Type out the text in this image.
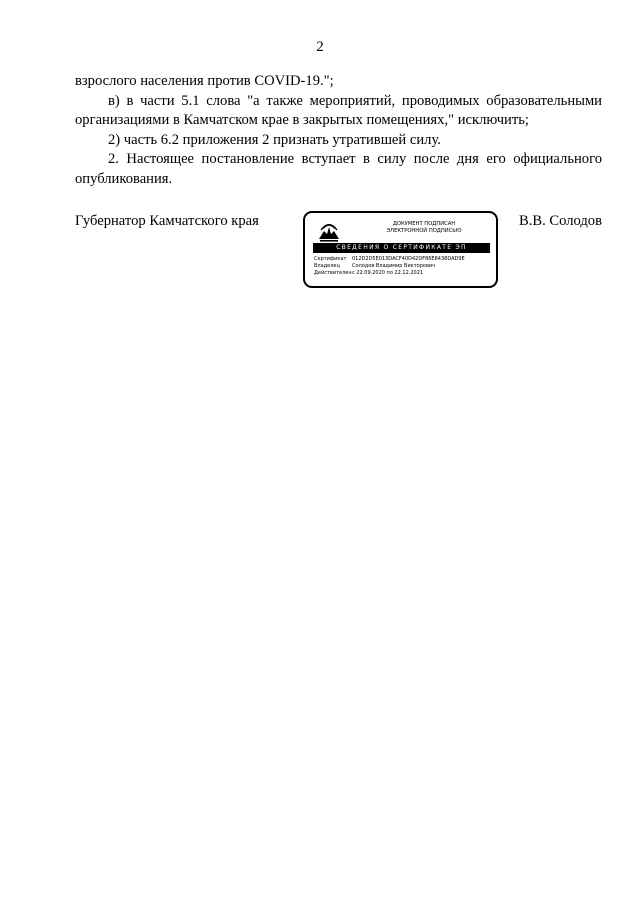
2

взрослого населения против COVID-19.";

в) в части 5.1 слова "а также мероприятий, проводимых образовательными организациями в Камчатском крае в закрытых помещениях," исключить;

2) часть 6.2 приложения 2 признать утратившей силу.

2. Настоящее постановление вступает в силу после дня его официального опубликования.

Губернатор Камчатского края	В.В. Солодов
ДОКУМЕНТ ПОДПИСАН
ЭЛЕКТРОННОЙ ПОДПИСЬЮ
СВЕДЕНИЯ О СЕРТИФИКАТЕ ЭП
Сертификат	012D2D5E013DACF40D42DF86E8438DAD9E
Владелец	Солодов Владимир Викторович
Действителен с 22.09.2020 по 22.12.2021
